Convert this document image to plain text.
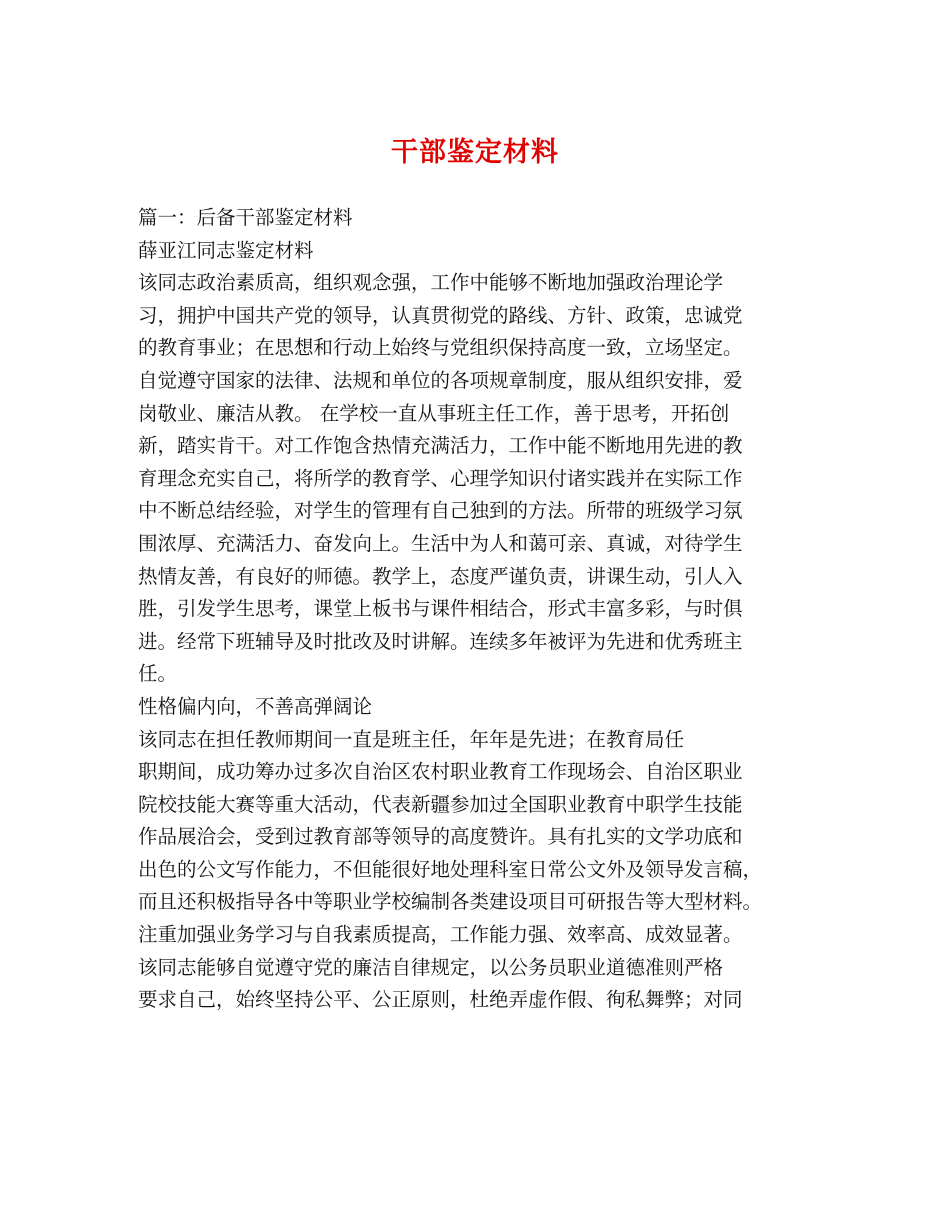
干部鉴定材料

篇一：后备干部鉴定材料

薛亚江同志鉴定材料

该同志政治素质高，组织观念强，工作中能够不断地加强政治理论学

习，拥护中国共产党的领导，认真贯彻党的路线、方针、政策，忠诚党

的教育事业；在思想和行动上始终与党组织保持高度一致，立场坚定。

自觉遵守国家的法律、法规和单位的各项规章制度，服从组织安排，爱

岗敬业、廉洁从教。 在学校一直从事班主任工作，善于思考，开拓创

新，踏实肯干。对工作饱含热情充满活力，工作中能不断地用先进的教

育理念充实自己，将所学的教育学、心理学知识付诸实践并在实际工作

中不断总结经验，对学生的管理有自己独到的方法。所带的班级学习氛

围浓厚、充满活力、奋发向上。生活中为人和蔼可亲、真诚，对待学生

热情友善，有良好的师德。教学上，态度严谨负责，讲课生动，引人入

胜，引发学生思考，课堂上板书与课件相结合，形式丰富多彩，与时俱

进。经常下班辅导及时批改及时讲解。连续多年被评为先进和优秀班主

任。

性格偏内向，不善高弹阔论

该同志在担任教师期间一直是班主任，年年是先进；在教育局任

职期间，成功筹办过多次自治区农村职业教育工作现场会、自治区职业

院校技能大赛等重大活动，代表新疆参加过全国职业教育中职学生技能

作品展洽会，受到过教育部等领导的高度赞许。具有扎实的文学功底和

出色的公文写作能力，不但能很好地处理科室日常公文外及领导发言稿，

而且还积极指导各中等职业学校编制各类建设项目可研报告等大型材料。

注重加强业务学习与自我素质提高，工作能力强、效率高、成效显著。

该同志能够自觉遵守党的廉洁自律规定，以公务员职业道德准则严格

要求自己，始终坚持公平、公正原则，杜绝弄虚作假、徇私舞弊；对同
